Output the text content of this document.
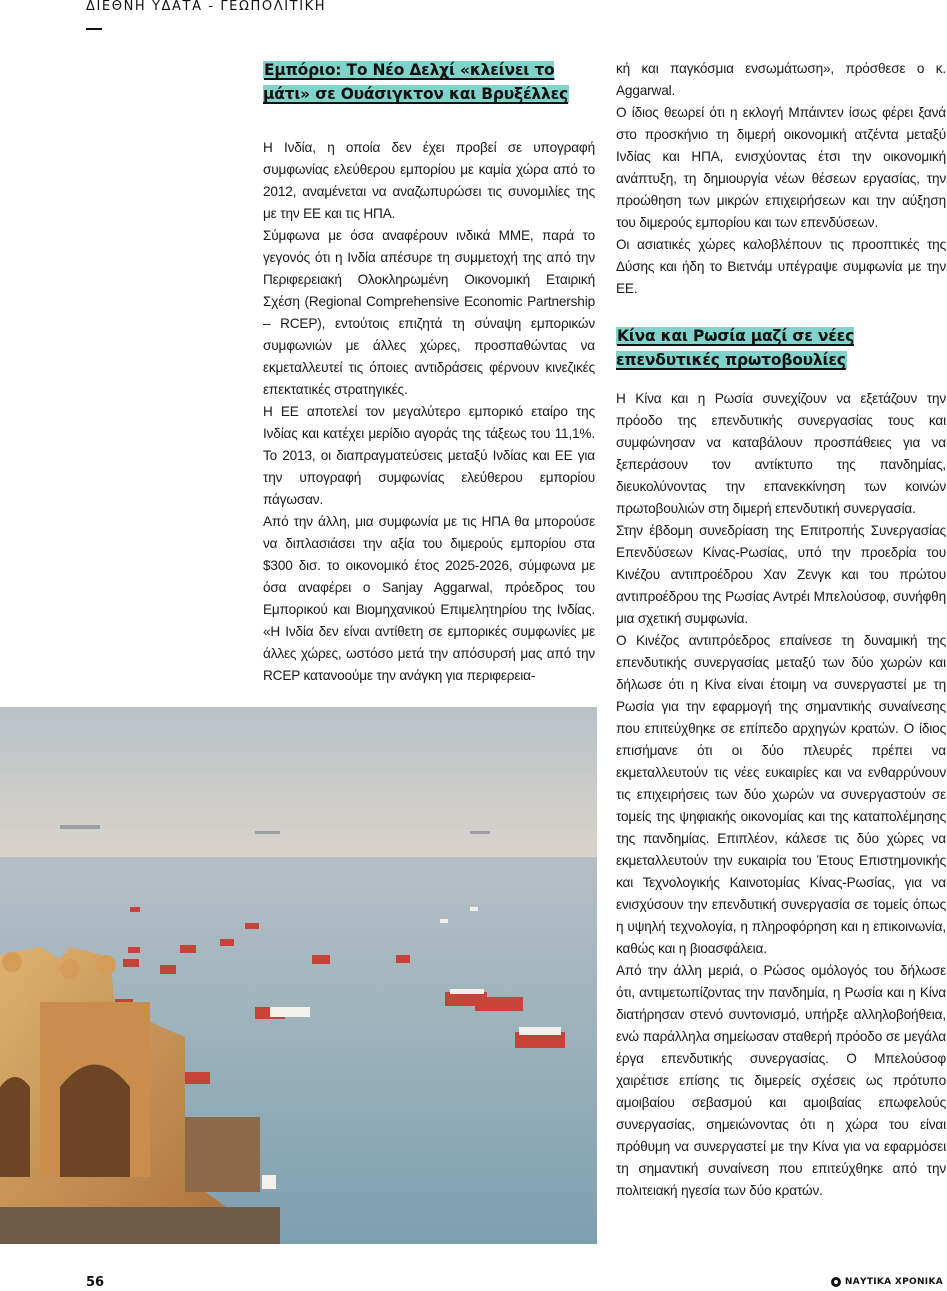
ΔΙΕΘΝΗ ΥΔΑΤΑ - ΓΕΩΠΟΛΙΤΙΚΗ
Εμπόριο: Το Νέο Δελχί «κλείνει το μάτι» σε Ουάσιγκτον και Βρυξέλλες

Η Ινδία, η οποία δεν έχει προβεί σε υπογραφή συμφωνίας ελεύθερου εμπορίου με καμία χώρα από το 2012, αναμένεται να αναζωπυρώσει τις συνομιλίες της με την ΕΕ και τις ΗΠΑ.

Σύμφωνα με όσα αναφέρουν ινδικά ΜΜΕ, παρά το γεγονός ότι η Ινδία απέσυρε τη συμμετοχή της από την Περιφερειακή Ολοκληρωμένη Οικονομική Εταιρική Σχέση (Regional Comprehensive Economic Partnership – RCEP), εντούτοις επιζητά τη σύναψη εμπορικών συμφωνιών με άλλες χώρες, προσπαθώντας να εκμεταλλευτεί τις όποιες αντιδράσεις φέρνουν κινεζικές επεκτατικές στρατηγικές.

Η ΕΕ αποτελεί τον μεγαλύτερο εμπορικό εταίρο της Ινδίας και κατέχει μερίδιο αγοράς της τάξεως του 11,1%. Το 2013, οι διαπραγματεύσεις μεταξύ Ινδίας και ΕΕ για την υπογραφή συμφωνίας ελεύθερου εμπορίου πάγωσαν.

Από την άλλη, μια συμφωνία με τις ΗΠΑ θα μπορούσε να διπλασιάσει την αξία του διμερούς εμπορίου στα $300 δισ. το οικονομικό έτος 2025-2026, σύμφωνα με όσα αναφέρει ο Sanjay Aggarwal, πρόεδρος του Εμπορικού και Βιομηχανικού Επιμελητηρίου της Ινδίας. «Η Ινδία δεν είναι αντίθετη σε εμπορικές συμφωνίες με άλλες χώρες, ωστόσο μετά την απόσυρσή μας από την RCEP κατανοούμε την ανάγκη για περιφερεια-

κή και παγκόσμια ενσωμάτωση», πρόσθεσε ο κ. Aggarwal.

Ο ίδιος θεωρεί ότι η εκλογή Μπάιντεν ίσως φέρει ξανά στο προσκήνιο τη διμερή οικονομική ατζέντα μεταξύ Ινδίας και ΗΠΑ, ενισχύοντας έτσι την οικονομική ανάπτυξη, τη δημιουργία νέων θέσεων εργασίας, την προώθηση των μικρών επιχειρήσεων και την αύξηση του διμερούς εμπορίου και των επενδύσεων.

Οι ασιατικές χώρες καλοβλέπουν τις προοπτικές της Δύσης και ήδη το Βιετνάμ υπέγραψε συμφωνία με την ΕΕ.

Κίνα και Ρωσία μαζί σε νέες επενδυτικές πρωτοβουλίες

Η Κίνα και η Ρωσία συνεχίζουν να εξετάζουν την πρόοδο της επενδυτικής συνεργασίας τους και συμφώνησαν να καταβάλουν προσπάθειες για να ξεπεράσουν τον αντίκτυπο της πανδημίας, διευκολύνοντας την επανεκκίνηση των κοινών πρωτοβουλιών στη διμερή επενδυτική συνεργασία.

Στην έβδομη συνεδρίαση της Επιτροπής Συνεργασίας Επενδύσεων Κίνας-Ρωσίας, υπό την προεδρία του Κινέζου αντιπροέδρου Χαν Ζενγκ και του πρώτου αντιπροέδρου της Ρωσίας Αντρέι Μπελούσοφ, συνήφθη μια σχετική συμφωνία.

Ο Κινέζος αντιπρόεδρος επαίνεσε τη δυναμική της επενδυτικής συνεργασίας μεταξύ των δύο χωρών και δήλωσε ότι η Κίνα είναι έτοιμη να συνεργαστεί με τη Ρωσία για την εφαρμογή της σημαντικής συναίνεσης που επιτεύχθηκε σε επίπεδο αρχηγών κρατών. Ο ίδιος επισήμανε ότι οι δύο πλευρές πρέπει να εκμεταλλευτούν τις νέες ευκαιρίες και να ενθαρρύνουν τις επιχειρήσεις των δύο χωρών να συνεργαστούν σε τομείς της ψηφιακής οικονομίας και της καταπολέμησης της πανδημίας. Επιπλέον, κάλεσε τις δύο χώρες να εκμεταλλευτούν την ευκαιρία του Έτους Επιστημονικής και Τεχνολογικής Καινοτομίας Κίνας-Ρωσίας, για να ενισχύσουν την επενδυτική συνεργασία σε τομείς όπως η υψηλή τεχνολογία, η πληροφόρηση και η επικοινωνία, καθώς και η βιοασφάλεια.

Από την άλλη μεριά, ο Ρώσος ομόλογός του δήλωσε ότι, αντιμετωπίζοντας την πανδημία, η Ρωσία και η Κίνα διατήρησαν στενό συντονισμό, υπήρξε αλληλοβοήθεια, ενώ παράλληλα σημείωσαν σταθερή πρόοδο σε μεγάλα έργα επενδυτικής συνεργασίας. Ο Μπελούσοφ χαιρέτισε επίσης τις διμερείς σχέσεις ως πρότυπο αμοιβαίου σεβασμού και αμοιβαίας επωφελούς συνεργασίας, σημειώνοντας ότι η χώρα του είναι πρόθυμη να συνεργαστεί με την Κίνα για να εφαρμόσει τη σημαντική συναίνεση που επιτεύχθηκε από την πολιτειακή ηγεσία των δύο κρατών.

56	ΝΑΥΤΙΚΑ ΧΡΟΝΙΚΑ
